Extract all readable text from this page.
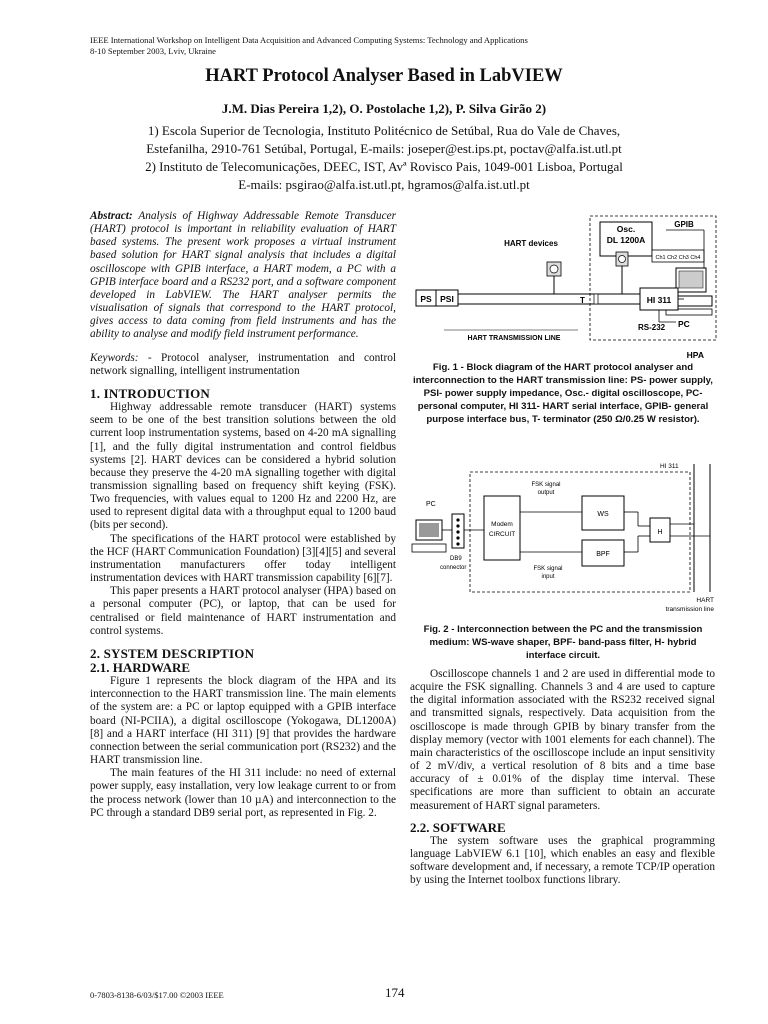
IEEE International Workshop on Intelligent Data Acquisition and Advanced Computing Systems: Technology and Applications
8-10 September 2003, Lviv, Ukraine
HART Protocol Analyser Based in LabVIEW
J.M. Dias Pereira 1,2), O. Postolache 1,2), P. Silva Girão 2)
1) Escola Superior de Tecnologia, Instituto Politécnico de Setúbal, Rua do Vale de Chaves,
Estefanilha, 2910-761 Setúbal, Portugal, E-mails: joseper@est.ips.pt, poctav@alfa.ist.utl.pt
2) Instituto de Telecomunicações, DEEC, IST, Avª Rovisco Pais, 1049-001 Lisboa, Portugal
E-mails: psgirao@alfa.ist.utl.pt, hgramos@alfa.ist.utl.pt

Abstract: Analysis of Highway Addressable Remote Transducer (HART) protocol is important in reliability evaluation of HART based systems. The present work proposes a virtual instrument based solution for HART signal analysis that includes a digital oscilloscope with GPIB interface, a HART modem, a PC with a GPIB interface board and a RS232 port, and a software component developed in LabVIEW. The HART analyser permits the visualisation of signals that correspond to the HART protocol, gives access to data coming from field instruments and has the ability to analyse and modify field instrument performance.

Keywords: - Protocol analyser, instrumentation and control network signalling, intelligent instrumentation

1. INTRODUCTION

Highway addressable remote transducer (HART) systems seem to be one of the best transition solutions between the old current loop instrumentation systems, based on 4-20 mA signalling [1], and the fully digital instrumentation and control fieldbus systems [2]. HART devices can be considered a hybrid solution because they preserve the 4-20 mA signalling together with digital transmission signalling based on frequency shift keying (FSK). Two frequencies, with values equal to 1200 Hz and 2200 Hz, are used to represent digital data with a throughput equal to 1200 baud (bits per second).

The specifications of the HART protocol were established by the HCF (HART Communication Foundation) [3][4][5] and several instrumentation manufacturers offer today intelligent instrumentation devices with HART transmission capability [6][7].

This paper presents a HART protocol analyser (HPA) based on a personal computer (PC), or laptop, that can be used for centralised or field maintenance of HART instrumentation and control systems.

2. SYSTEM DESCRIPTION
2.1. HARDWARE

Figure 1 represents the block diagram of the HPA and its interconnection to the HART transmission line. The main elements of the system are: a PC or laptop equipped with a GPIB interface board (NI-PCIIA), a digital oscilloscope (Yokogawa, DL1200A) [8] and a HART interface (HI 311) [9] that provides the hardware connection between the serial communication port (RS232) and the HART transmission line.

The main features of the HI 311 include: no need of external power supply, easy installation, very low leakage current to or from the process network (lower than 10 µA) and interconnection to the PC through a standard DB9 serial port, as represented in Fig. 2.

Osc.
DL 1200A
Ch1 Ch2 Ch3 Ch4
GPIB
HART devices
PS PSI	T	HI 311
RS-232 PC
HART TRANSMISSION LINE
HPA
Fig. 1 - Block diagram of the HART protocol analyser and interconnection to the HART transmission line: PS- power supply, PSI- power supply impedance, Osc.- digital oscilloscope, PC- personal computer, HI 311- HART serial interface, GPIB- general purpose interface bus, T- terminator (250 Ω/0.25 W resistor).
HI 311
PC
DB9 connector
Modem CIRCUIT
FSK signal output
FSK signal input
WS
BPF
H
HART transmission line
Fig. 2 - Interconnection between the PC and the transmission medium: WS-wave shaper, BPF- band-pass filter, H- hybrid interface circuit.

Oscilloscope channels 1 and 2 are used in differential mode to acquire the FSK signalling. Channels 3 and 4 are used to capture the digital information associated with the RS232 received signal and transmitted signals, respectively. Data acquisition from the oscilloscope is made through GPIB by binary transfer from the display memory (vector with 1001 elements for each channel). The main characteristics of the oscilloscope include an input sensitivity of 2 mV/div, a vertical resolution of 8 bits and a time base accuracy of ± 0.01% of the display time interval. These specifications are more than sufficient to obtain an accurate measurement of HART signal parameters.

2.2. SOFTWARE

The system software uses the graphical programming language LabVIEW 6.1 [10], which enables an easy and flexible software development and, if necessary, a remote TCP/IP operation by using the Internet toolbox functions library.

0-7803-8138-6/03/$17.00 ©2003 IEEE	174
